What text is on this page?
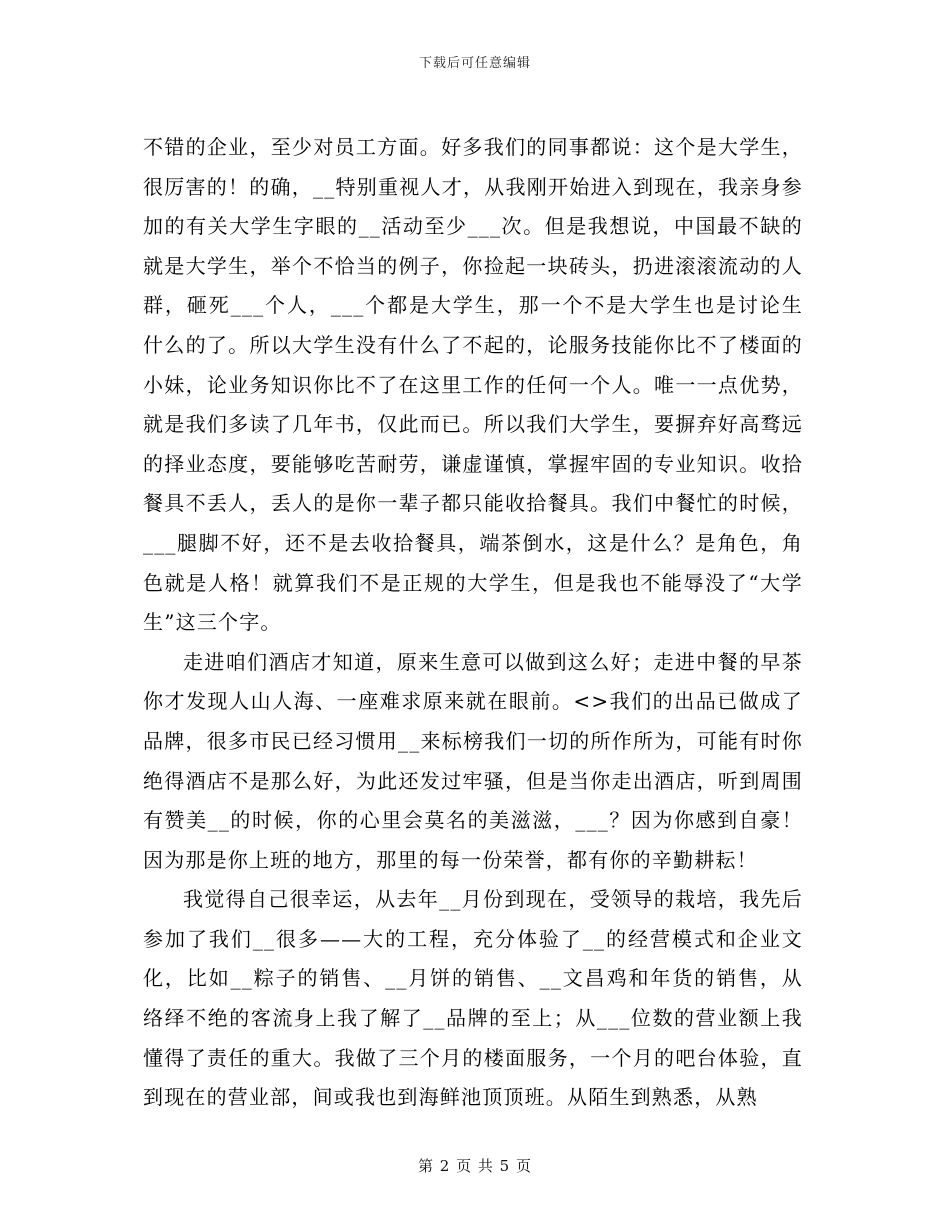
下载后可任意编辑

不错的企业，至少对员工方面。好多我们的同事都说：这个是大学生，很厉害的！的确，__特别重视人才，从我刚开始进入到现在，我亲身参加的有关大学生字眼的__活动至少___次。但是我想说，中国最不缺的就是大学生，举个不恰当的例子，你捡起一块砖头，扔进滚滚流动的人群，砸死___个人，___个都是大学生，那一个不是大学生也是讨论生什么的了。所以大学生没有什么了不起的，论服务技能你比不了楼面的小妹，论业务知识你比不了在这里工作的任何一个人。唯一一点优势，就是我们多读了几年书，仅此而已。所以我们大学生，要摒弃好高骛远的择业态度，要能够吃苦耐劳，谦虚谨慎，掌握牢固的专业知识。收拾餐具不丢人，丢人的是你一辈子都只能收拾餐具。我们中餐忙的时候，___腿脚不好，还不是去收拾餐具，端茶倒水，这是什么？是角色，角色就是人格！就算我们不是正规的大学生，但是我也不能辱没了“大学生”这三个字。

走进咱们酒店才知道，原来生意可以做到这么好；走进中餐的早茶你才发现人山人海、一座难求原来就在眼前。<>我们的出品已做成了品牌，很多市民已经习惯用__来标榜我们一切的所作所为，可能有时你绝得酒店不是那么好，为此还发过牢骚，但是当你走出酒店，听到周围有赞美__的时候，你的心里会莫名的美滋滋，___？因为你感到自豪！因为那是你上班的地方，那里的每一份荣誉，都有你的辛勤耕耘！

我觉得自己很幸运，从去年__月份到现在，受领导的栽培，我先后参加了我们__很多——大的工程，充分体验了__的经营模式和企业文化，比如__粽子的销售、__月饼的销售、__文昌鸡和年货的销售，从络绎不绝的客流身上我了解了__品牌的至上；从___位数的营业额上我懂得了责任的重大。我做了三个月的楼面服务，一个月的吧台体验，直到现在的营业部，间或我也到海鲜池顶顶班。从陌生到熟悉，从熟

第 2 页 共 5 页
